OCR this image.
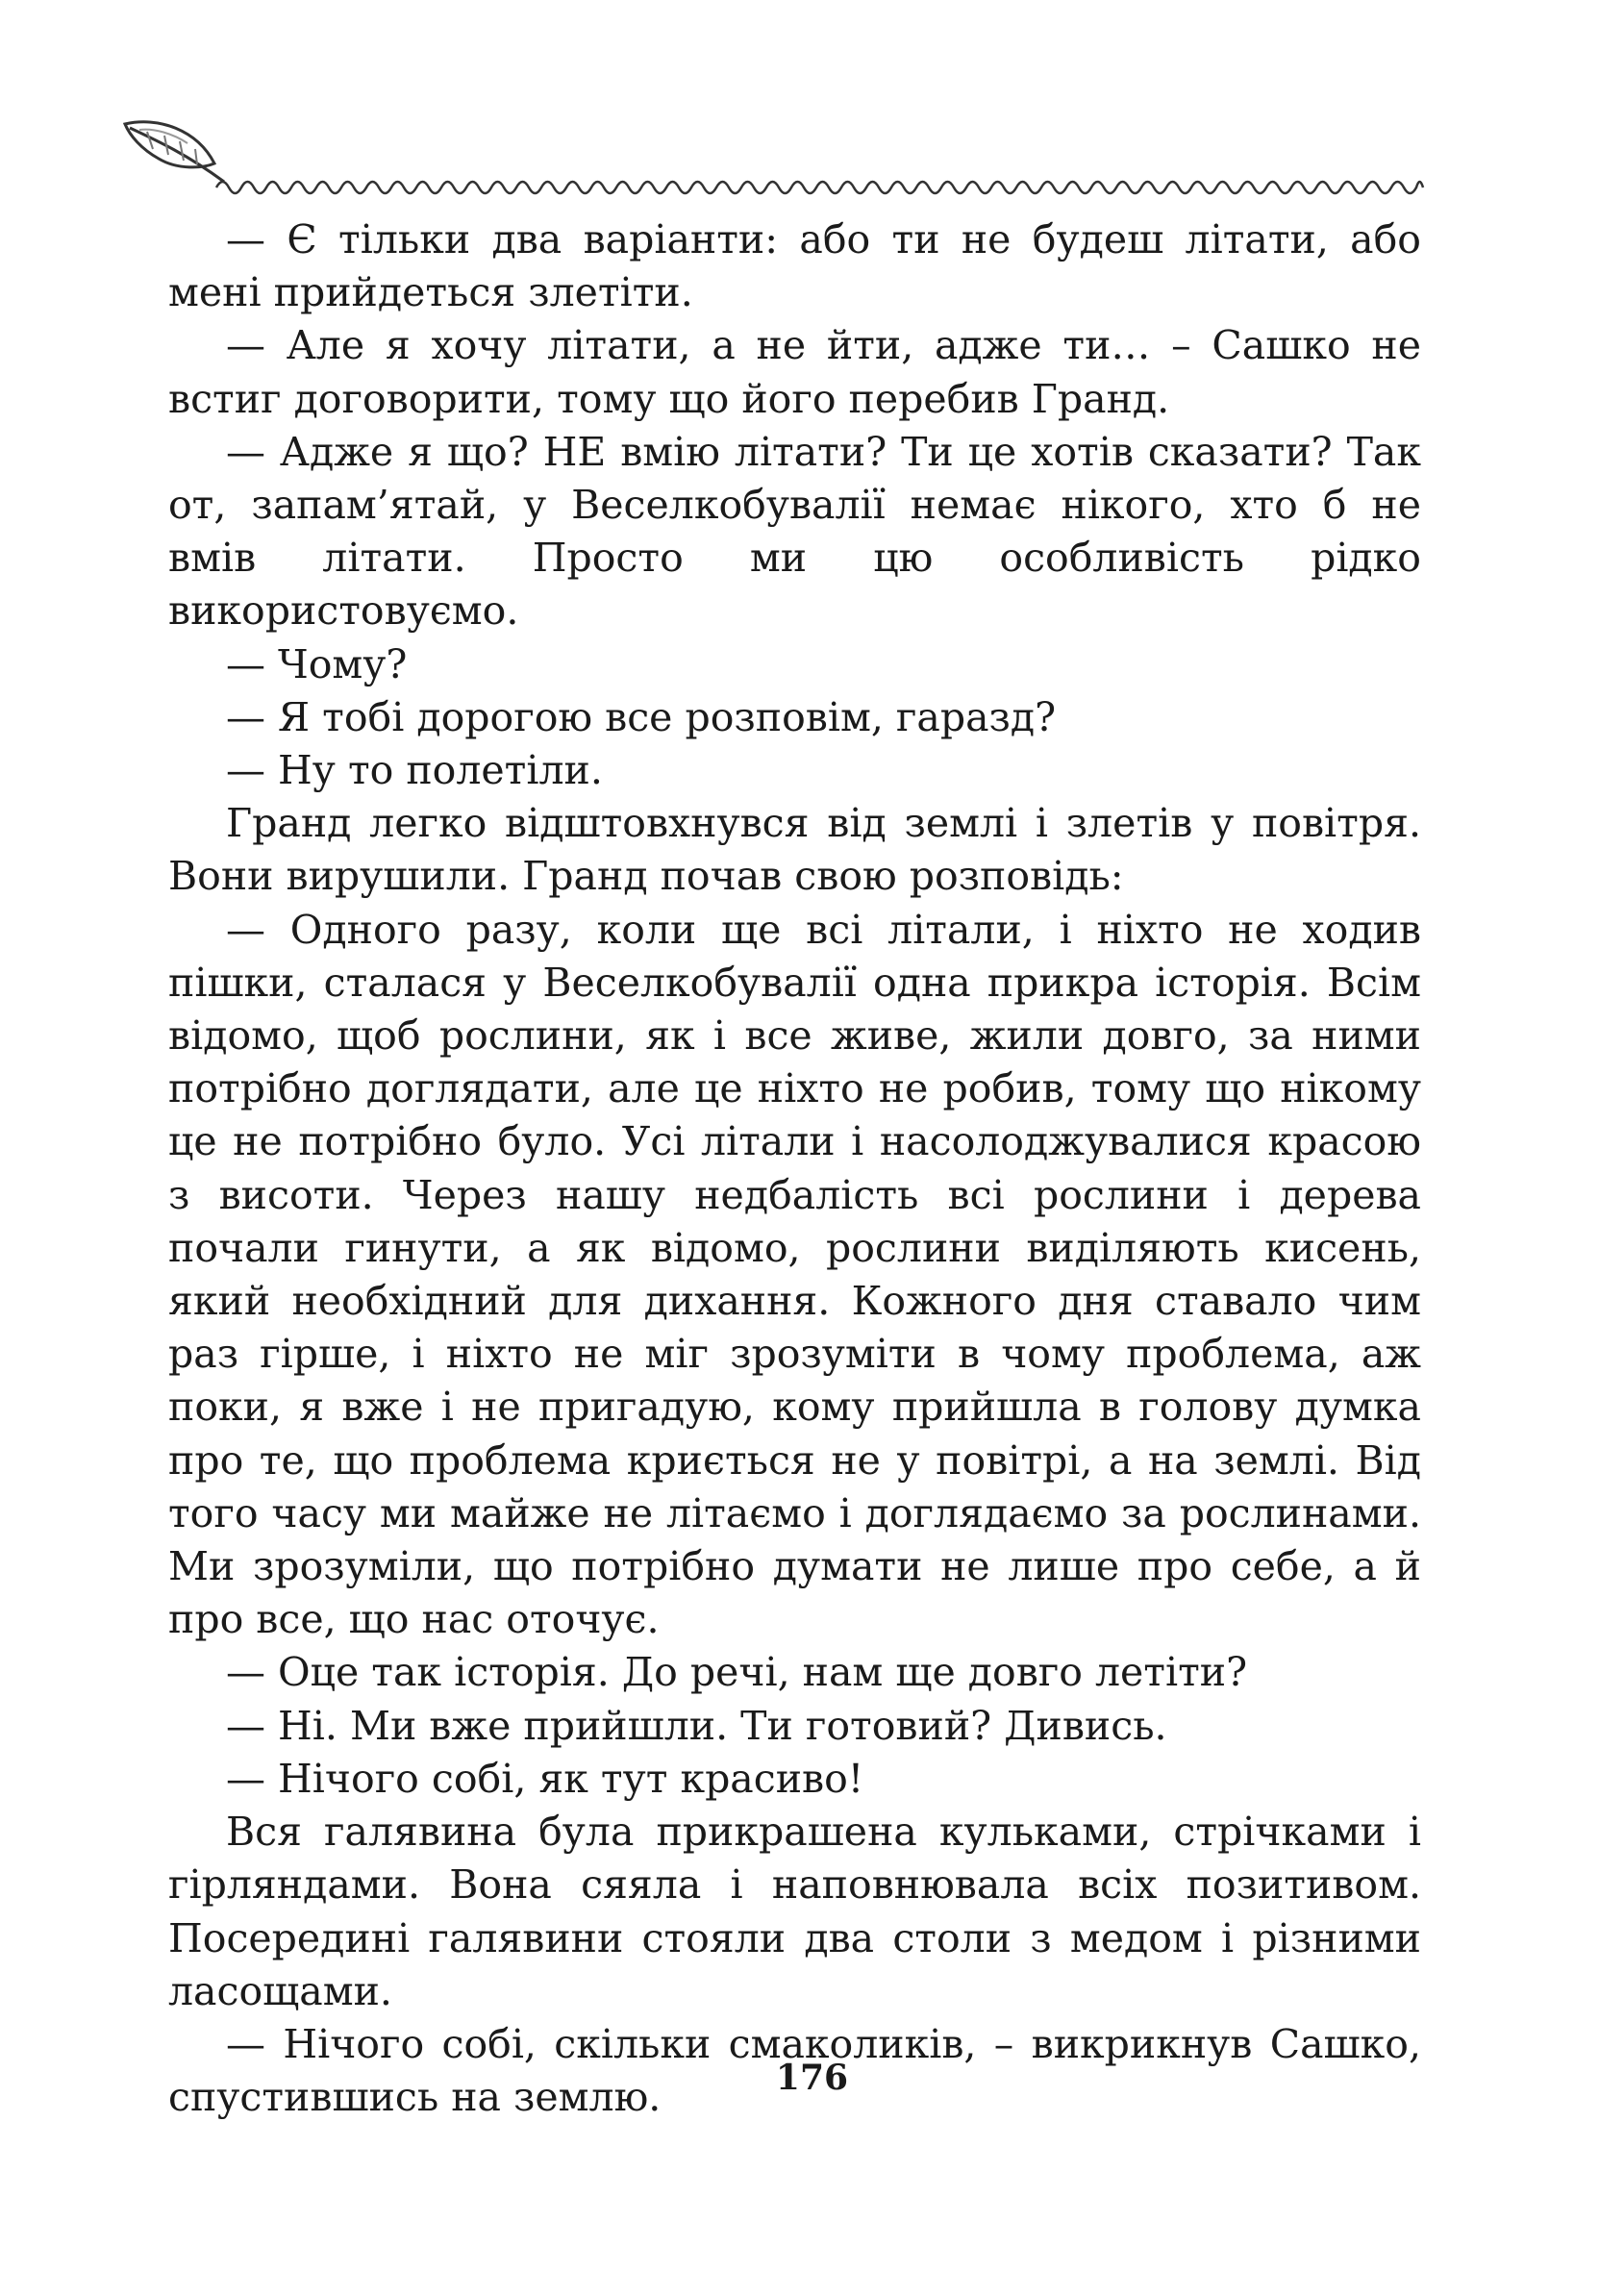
— Є тільки два варіанти: або ти не будеш літати, або мені прийдеться злетіти.

— Але я хочу літати, а не йти, адже ти… – Сашко не встиг договорити, тому що його перебив Гранд.

— Адже я що? НЕ вмію літати? Ти це хотів сказати? Так от, запам’ятай, у Веселкобувалії немає нікого, хто б не вмів літати. Просто ми цю особливість рідко використовуємо.

— Чому?

— Я тобі дорогою все розповім, гаразд?

— Ну то полетіли.

Гранд легко відштовхнувся від землі і злетів у повітря. Вони вирушили. Гранд почав свою розповідь:

— Одного разу, коли ще всі літали, і ніхто не ходив пішки, сталася у Веселкобувалії одна прикра історія. Всім відомо, щоб рослини, як і все живе, жили довго, за ними потрібно доглядати, але це ніхто не робив, тому що нікому це не потрібно було. Усі літали і насолоджувалися красою з висоти. Через нашу недбалість всі рослини і дерева почали гинути, а як відомо, рослини виділяють кисень, який необхідний для дихання. Кожного дня ставало чим раз гірше, і ніхто не міг зрозуміти в чому проблема, аж поки, я вже і не пригадую, кому прийшла в голову думка про те, що проблема криється не у повітрі, а на землі. Від того часу ми майже не літаємо і доглядаємо за рослинами. Ми зрозуміли, що потрібно думати не лише про себе, а й про все, що нас оточує.

— Оце так історія. До речі, нам ще довго летіти?

— Ні. Ми вже прийшли. Ти готовий? Дивись.

— Нічого собі, як тут красиво!

Вся галявина була прикрашена кульками, стрічками і гірляндами. Вона сяяла і наповнювала всіх позитивом. Посередині галявини стояли два столи з медом і різними ласощами.

— Нічого собі, скільки смаколиків, – викрикнув Сашко, спустившись на землю.	176
